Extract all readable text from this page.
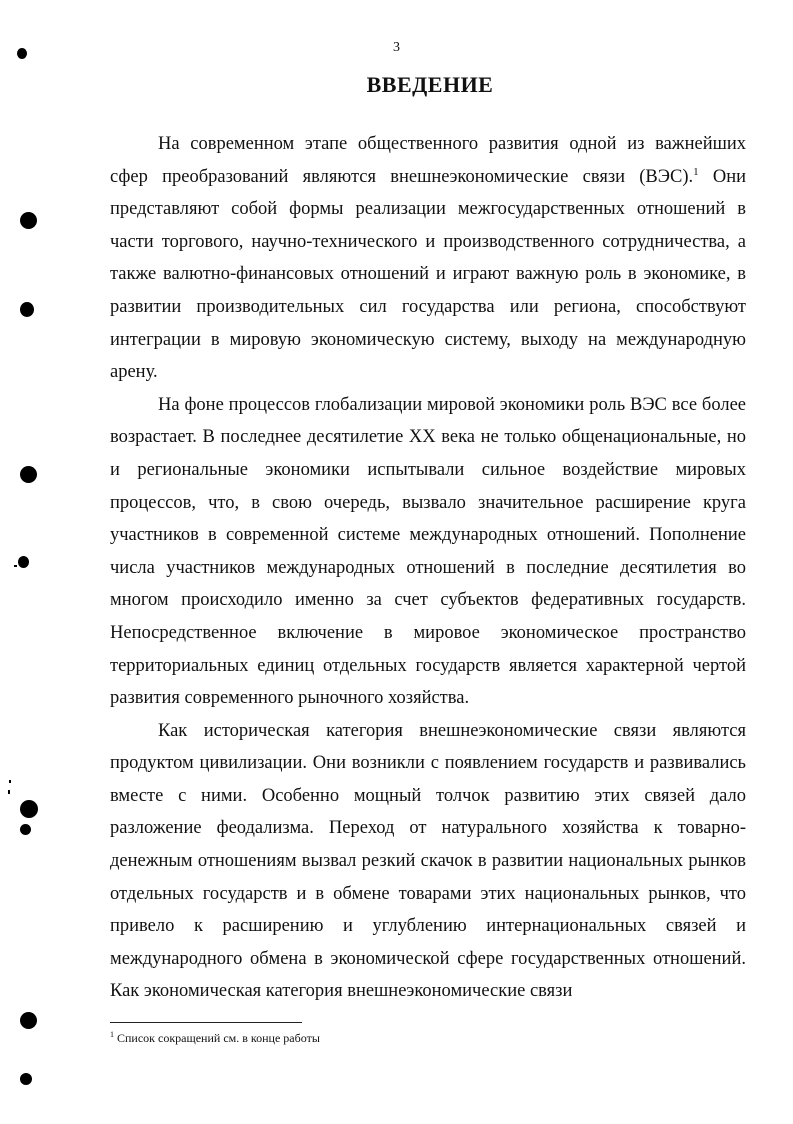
3
ВВЕДЕНИЕ

На современном этапе общественного развития одной из важнейших сфер преобразований являются внешнеэкономические связи (ВЭС).$^1$ Они представляют собой формы реализации межгосударственных отношений в части торгового, научно-технического и производственного сотрудничества, а также валютно-финансовых отношений и играют важную роль в экономике, в развитии производительных сил государства или региона, способствуют интеграции в мировую экономическую систему, выходу на международную арену.

На фоне процессов глобализации мировой экономики роль ВЭС все более возрастает. В последнее десятилетие XX века не только общенациональные, но и региональные экономики испытывали сильное воздействие мировых процессов, что, в свою очередь, вызвало значительное расширение круга участников в современной системе международных отношений. Пополнение числа участников международных отношений в последние десятилетия во многом происходило именно за счет субъектов федеративных государств. Непосредственное включение в мировое экономическое пространство территориальных единиц отдельных государств является характерной чертой развития современного рыночного хозяйства.

Как историческая категория внешнеэкономические связи являются продуктом цивилизации. Они возникли с появлением государств и развивались вместе с ними. Особенно мощный толчок развитию этих связей дало разложение феодализма. Переход от натурального хозяйства к товарно-денежным отношениям вызвал резкий скачок в развитии национальных рынков отдельных государств и в обмене товарами этих национальных рынков, что привело к расширению и углублению интернациональных связей и международного обмена в экономической сфере государственных отношений. Как экономическая категория внешнеэкономические связи

$^1$ Список сокращений см. в конце работы
